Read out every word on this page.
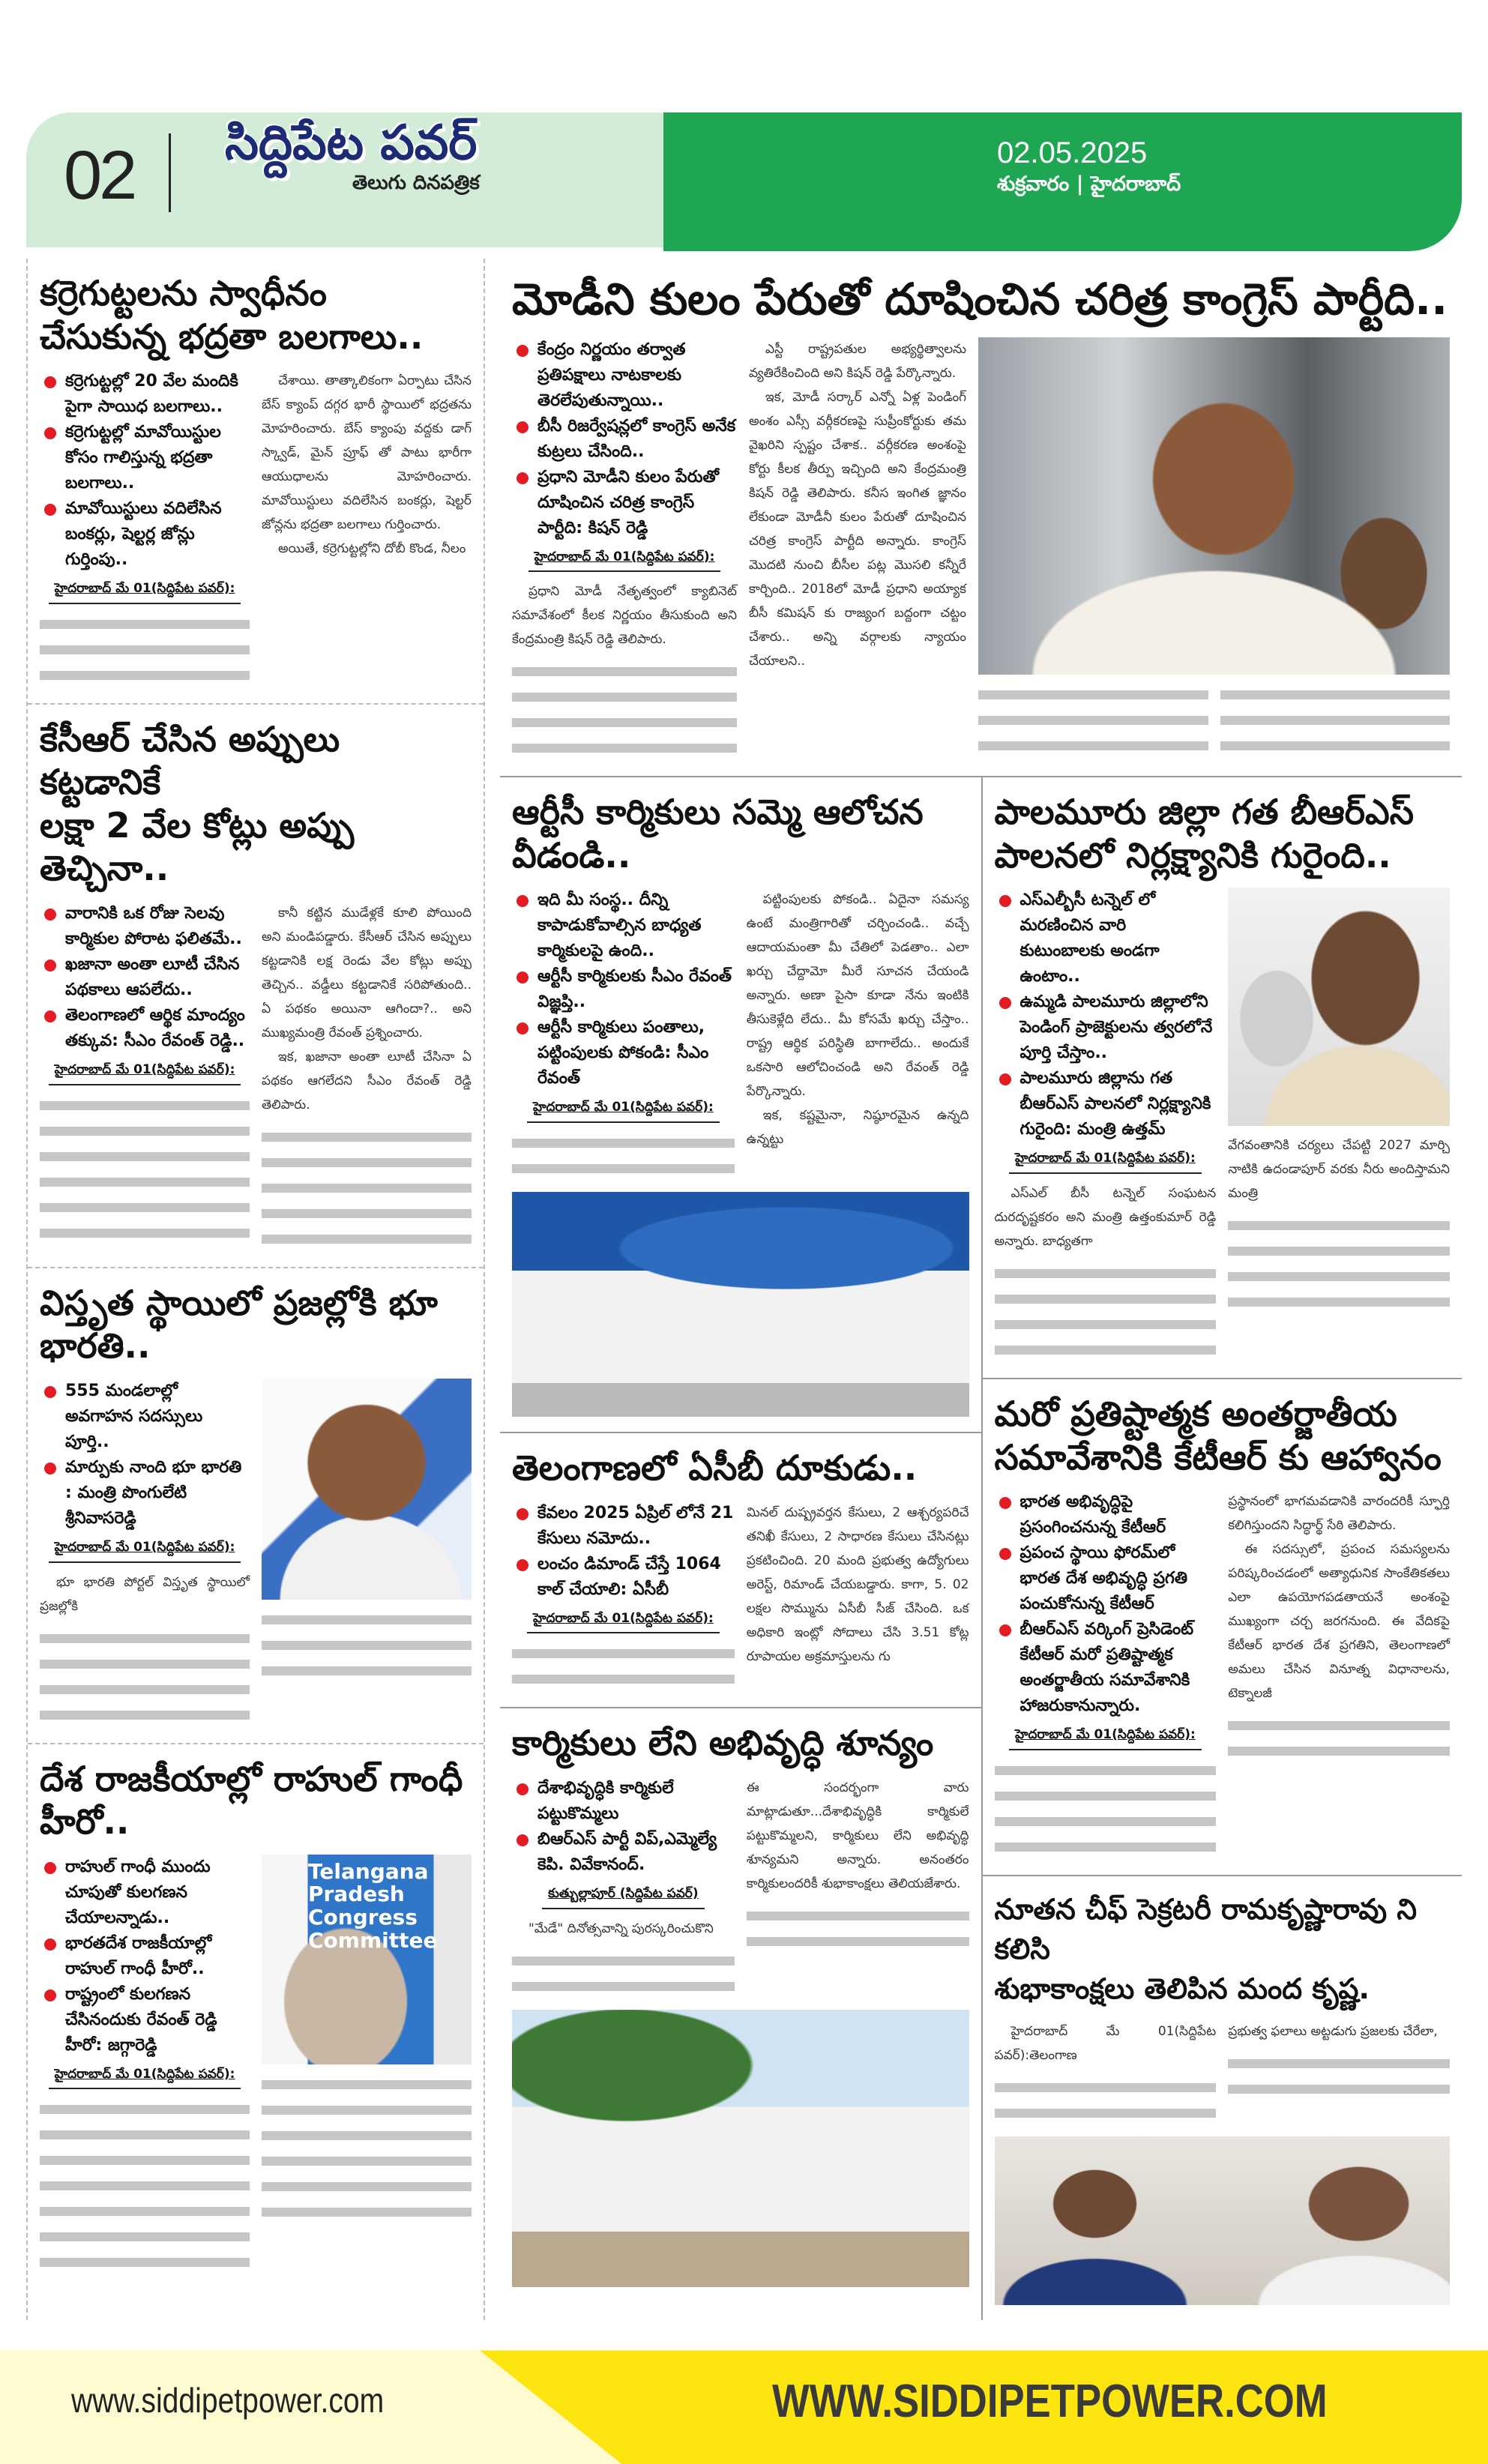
02 సిద్దిపేట పవర్
తెలుగు దినపత్రిక
02.05.2025
శుక్రవారం | హైదరాబాద్
కర్రెగుట్టలను స్వాధీనం
చేసుకున్న భద్రతా బలగాలు..
కర్రెగుట్టల్లో 20 వేల మందికి పైగా సాయిధ బలగాలు..
కర్రెగుట్టల్లో మావోయిస్టుల కోసం గాలిస్తున్న భద్రతా బలగాలు..
మావోయిస్టులు వదిలేసిన బంకర్లు, షెల్టర్ల జోన్లు గుర్తింపు..
హైదరాబాద్ మే 01(సిద్దిపేట పవర్):

చేశాయి. తాత్కాలికంగా ఏర్పాటు చేసిన బేస్ క్యాంప్ దగ్గర భారీ స్థాయిలో భద్రతను మోహరించారు. బేస్ క్యాంపు వద్దకు డాగ్ స్క్వాడ్, మైన్ ప్రూఫ్ తో పాటు భారీగా ఆయుధాలను మోహరించారు. మావోయిస్టులు వదిలేసిన బంకర్లు, షెల్టర్ జోన్లను భద్రతా బలగాలు గుర్తించారు.

అయితే, కర్రెగుట్టల్లోని దోబీ కొండ, నీలం

కేసీఆర్ చేసిన అప్పులు కట్టడానికే
లక్షా 2 వేల కోట్లు అప్పు తెచ్చినా..
వారానికి ఒక రోజు సెలవు కార్మికుల పోరాట ఫలితమే..
ఖజానా అంతా లూటీ చేసిన పథకాలు ఆపలేదు..
తెలంగాణలో ఆర్థిక మాంద్యం తక్కువ: సీఎం రేవంత్ రెడ్డి..
హైదరాబాద్ మే 01(సిద్దిపేట పవర్):

కానీ కట్టిన ముడేళ్లకే కూలి పోయింది అని మండిపడ్డారు. కేసీఆర్ చేసిన అప్పులు కట్టడానికి లక్ష రెండు వేల కోట్లు అప్పు తెచ్చిన.. వడ్డీలు కట్టడానికే సరిపోతుంది.. ఏ పథకం అయినా ఆగిందా?.. అని ముఖ్యమంత్రి రేవంత్ ప్రశ్నించారు.

ఇక, ఖజానా అంతా లూటీ చేసినా ఏ పథకం ఆగలేదని సీఎం రేవంత్ రెడ్డి తెలిపారు.

విస్తృత స్థాయిలో ప్రజల్లోకి భూ భారతి..
555 మండలాల్లో అవగాహన సదస్సులు పూర్తి..
మార్పుకు నాంది భూ భారతి : మంత్రి పొంగులేటి శ్రీనివాసరెడ్డి
హైదరాబాద్ మే 01(సిద్దిపేట పవర్):

భూ భారతి పోర్టల్ విస్తృత స్థాయిలో ప్రజల్లోకి

దేశ రాజకీయాల్లో రాహుల్ గాంధీ హీరో..
రాహుల్ గాంధీ ముందు చూపుతో కులగణన చేయాలన్నాడు..
భారతదేశ రాజకీయాల్లో రాహుల్ గాంధీ హీరో..
రాష్ట్రంలో కులగణన చేసినందుకు రేవంత్ రెడ్డి హీరో: జగ్గారెడ్డి
హైదరాబాద్ మే 01(సిద్దిపేట పవర్):
Telangana Pradesh Congress Committee
మోడీని కులం పేరుతో దూషించిన చరిత్ర కాంగ్రెస్ పార్టీది..
కేంద్రం నిర్ణయం తర్వాత ప్రతిపక్షాలు నాటకాలకు తెరలేపుతున్నాయి..
బీసీ రిజర్వేషన్లలో కాంగ్రెస్ అనేక కుట్రలు చేసింది..
ప్రధాని మోడీని కులం పేరుతో దూషించిన చరిత్ర కాంగ్రెస్ పార్టీది: కిషన్ రెడ్డి
హైదరాబాద్ మే 01(సిద్దిపేట పవర్):

ప్రధాని మోడీ నేతృత్వంలో క్యాబినెట్ సమావేశంలో కీలక నిర్ణయం తీసుకుంది అని కేంద్రమంత్రి కిషన్ రెడ్డి తెలిపారు.

ఎస్టీ రాష్ట్రపతుల అభ్యర్థిత్వాలను వ్యతిరేకించింది అని కిషన్ రెడ్డి పేర్కొన్నారు.

ఇక, మోడీ సర్కార్ ఎన్నో ఏళ్ల పెండింగ్ అంశం ఎస్సీ వర్గీకరణపై సుప్రీంకోర్టుకు తమ వైఖరిని స్పష్టం చేశాక.. వర్గీకరణ అంశంపై కోర్టు కీలక తీర్పు ఇచ్చింది అని కేంద్రమంత్రి కిషన్ రెడ్డి తెలిపారు. కనీస ఇంగిత జ్ఞానం లేకుండా మోడీనీ కులం పేరుతో దూషించిన చరిత్ర కాంగ్రెస్ పార్టీది అన్నారు. కాంగ్రెస్ మొదటి నుంచి బీసీల పట్ల మొసలి కన్నీరే కార్చింది.. 2018లో మోడీ ప్రధాని అయ్యాక బీసీ కమిషన్ కు రాజ్యంగ బద్దంగా చట్టం చేశారు.. అన్ని వర్గాలకు న్యాయం చేయాలని..

ఆర్టీసీ కార్మికులు సమ్మె ఆలోచన వీడండి..
ఇది మీ సంస్థ.. దీన్ని కాపాడుకోవాల్సిన బాధ్యత కార్మికులపై ఉంది..
ఆర్టీసీ కార్మికులకు సీఎం రేవంత్ విజ్ఞప్తి..
ఆర్టీసీ కార్మికులు పంతాలు, పట్టింపులకు పోకండి: సీఎం రేవంత్
హైదరాబాద్ మే 01(సిద్దిపేట పవర్):

పట్టింపులకు పోకండి.. ఏదైనా సమస్య ఉంటే మంత్రిగారితో చర్చించండి.. వచ్చే ఆదాయమంతా మీ చేతిలో పెడతాం.. ఎలా ఖర్చు చేద్దామో మీరే సూచన చేయండి అన్నారు. అణా పైసా కూడా నేను ఇంటికి తీసుకెళ్లేది లేదు.. మీ కోసమే ఖర్చు చేస్తాం.. రాష్ట్ర ఆర్థిక పరిస్థితి బాగాలేదు.. అందుకే ఒకసారి ఆలోచించండి అని రేవంత్ రెడ్డి పేర్కొన్నారు.

ఇక, కష్టమైనా, నిష్ఠూరమైన ఉన్నది ఉన్నట్టు

తెలంగాణలో ఏసీబీ దూకుడు..
కేవలం 2025 ఏప్రిల్ లోనే 21 కేసులు నమోదు..
లంచం డిమాండ్ చేస్తే 1064 కాల్ చేయాలి: ఏసీబీ
హైదరాబాద్ మే 01(సిద్దిపేట పవర్):

మినల్ దుష్ప్రవర్తన కేసులు, 2 ఆశ్చర్యపరిచే తనిఖీ కేసులు, 2 సాధారణ కేసులు చేసినట్లు ప్రకటించింది. 20 మంది ప్రభుత్వ ఉద్యోగులు అరెస్ట్, రిమాండ్ చేయబడ్డారు. కాగా, 5. 02 లక్షల సొమ్మును ఏసీబీ సీజ్ చేసింది. ఒక అధికారి ఇంట్లో సోదాలు చేసి 3.51 కోట్ల రూపాయల అక్రమాస్తులను గు

కార్మికులు లేని అభివృద్ధి శూన్యం
దేశాభివృద్ధికి కార్మికులే పట్టుకొమ్మలు
బిఆర్ఎస్ పార్టీ విప్,ఎమ్మెల్యే కెపి. వివేకానంద్.
కుత్బుల్లాపూర్ (సిద్దిపేట పవర్)

"మేడే" దినోత్సవాన్ని పురస్కరించుకొని

ఈ సందర్భంగా వారు మాట్లాడుతూ...దేశాభివృద్ధికి కార్మికులే పట్టుకొమ్మలని, కార్మికులు లేని అభివృద్ధి శూన్యమని అన్నారు. అనంతరం కార్మికులందరికీ శుభాకాంక్షలు తెలియజేశారు.

పాలమూరు జిల్లా గత బీఆర్ఎస్
పాలనలో నిర్లక్ష్యానికి గురైంది..
ఎస్ఎల్బీసీ టన్నెల్ లో మరణించిన వారి కుటుంబాలకు అండగా ఉంటాం..
ఉమ్మడి పాలమూరు జిల్లాలోని పెండింగ్ ప్రాజెక్టులను త్వరలోనే పూర్తి చేస్తాం..
పాలమూరు జిల్లాను గత బీఆర్ఎస్ పాలనలో నిర్లక్ష్యానికి గురైంది: మంత్రి ఉత్తమ్
హైదరాబాద్ మే 01(సిద్దిపేట పవర్):

ఎస్ఎల్ బీసీ టన్నెల్ సంఘటన దురదృష్టకరం అని మంత్రి ఉత్తంకుమార్ రెడ్డి అన్నారు. బాధ్యతగా

వేగవంతానికి చర్యలు చేపట్టి 2027 మార్చి నాటికి ఉదండాపూర్ వరకు నీరు అందిస్తామని మంత్రి

మరో ప్రతిష్టాత్మక అంతర్జాతీయ
సమావేశానికి కేటీఆర్ కు ఆహ్వానం
భారత అభివృద్ధిపై ప్రసంగించనున్న కేటీఆర్
ప్రపంచ స్థాయి ఫోరమ్‌లో భారత దేశ అభివృద్ధి ప్రగతి పంచుకోనున్న కేటీఆర్
బీఆర్ఎస్ వర్కింగ్ ప్రెసిడెంట్ కేటీఆర్ మరో ప్రతిష్టాత్మక అంతర్జాతీయ సమావేశానికి హాజరుకానున్నారు.
హైదరాబాద్ మే 01(సిద్దిపేట పవర్):

ప్రస్థానంలో భాగమవడానికి వారందరికీ స్ఫూర్తి కలిగిస్తుందని సిద్ధార్థ్ సేఠి తెలిపారు.

ఈ సదస్సులో, ప్రపంచ సమస్యలను పరిష్కరించడంలో అత్యాధునిక సాంకేతికతలు ఎలా ఉపయోగపడతాయనే అంశంపై ముఖ్యంగా చర్చ జరగనుంది. ఈ వేదికపై కేటీఆర్ భారత దేశ ప్రగతిని, తెలంగాణలో అమలు చేసిన వినూత్న విధానాలను, టెక్నాలజీ

నూతన చీఫ్ సెక్రటరీ రామకృష్ణారావు ని కలిసి
శుభాకాంక్షలు తెలిపిన మంద కృష్ణ.

హైదరాబాద్ మే 01(సిద్దిపేట పవర్):తెలంగాణ

ప్రభుత్వ ఫలాలు అట్టడుగు ప్రజలకు చేరేలా,

www.siddipetpower.com	WWW.SIDDIPETPOWER.COM
